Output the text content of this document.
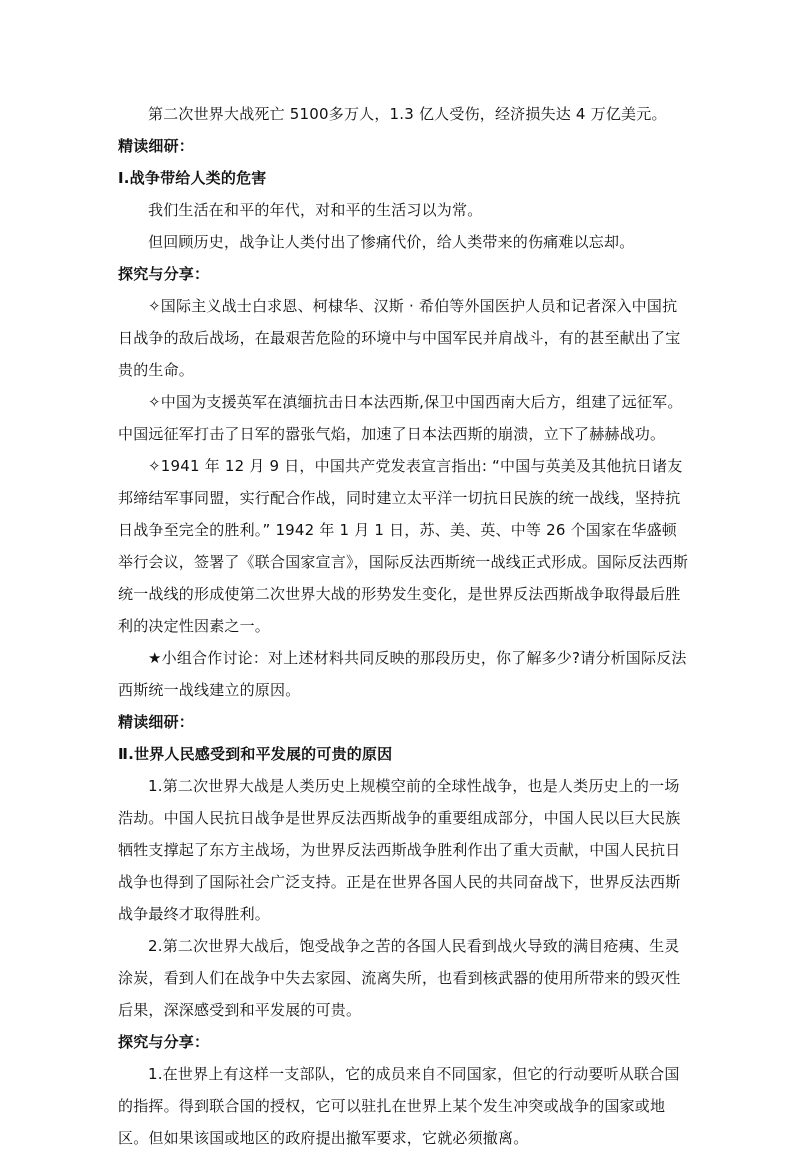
第二次世界大战死亡 5100多万人，1.3 亿人受伤，经济损失达 4 万亿美元。

精读细研：

Ⅰ.战争带给人类的危害

我们生活在和平的年代，对和平的生活习以为常。

但回顾历史，战争让人类付出了惨痛代价，给人类带来的伤痛难以忘却。

探究与分享：

✧国际主义战士白求恩、柯棣华、汉斯 · 希伯等外国医护人员和记者深入中国抗日战争的敌后战场，在最艰苦危险的环境中与中国军民并肩战斗，有的甚至献出了宝贵的生命。

✧中国为支援英军在滇缅抗击日本法西斯,保卫中国西南大后方，组建了远征军。中国远征军打击了日军的嚣张气焰，加速了日本法西斯的崩溃，立下了赫赫战功。

✧1941 年 12 月 9 日，中国共产党发表宣言指出: “中国与英美及其他抗日诸友邦缔结军事同盟，实行配合作战，同时建立太平洋一切抗日民族的统一战线，坚持抗日战争至完全的胜利。” 1942 年 1 月 1 日，苏、美、英、中等 26 个国家在华盛顿举行会议，签署了《联合国家宣言》，国际反法西斯统一战线正式形成。国际反法西斯统一战线的形成使第二次世界大战的形势发生变化，是世界反法西斯战争取得最后胜利的决定性因素之一。

★小组合作讨论：对上述材料共同反映的那段历史，你了解多少?请分析国际反法西斯统一战线建立的原因。

精读细研：

Ⅱ.世界人民感受到和平发展的可贵的原因

1.第二次世界大战是人类历史上规模空前的全球性战争，也是人类历史上的一场浩劫。中国人民抗日战争是世界反法西斯战争的重要组成部分，中国人民以巨大民族牺牲支撑起了东方主战场，为世界反法西斯战争胜利作出了重大贡献，中国人民抗日战争也得到了国际社会广泛支持。正是在世界各国人民的共同奋战下，世界反法西斯战争最终才取得胜利。

2.第二次世界大战后，饱受战争之苦的各国人民看到战火导致的满目疮痍、生灵涂炭，看到人们在战争中失去家园、流离失所，也看到核武器的使用所带来的毁灭性后果，深深感受到和平发展的可贵。

探究与分享：

1.在世界上有这样一支部队，它的成员来自不同国家，但它的行动要听从联合国的指挥。得到联合国的授权，它可以驻扎在世界上某个发生冲突或战争的国家或地区。但如果该国或地区的政府提出撤军要求，它就必须撤离。
